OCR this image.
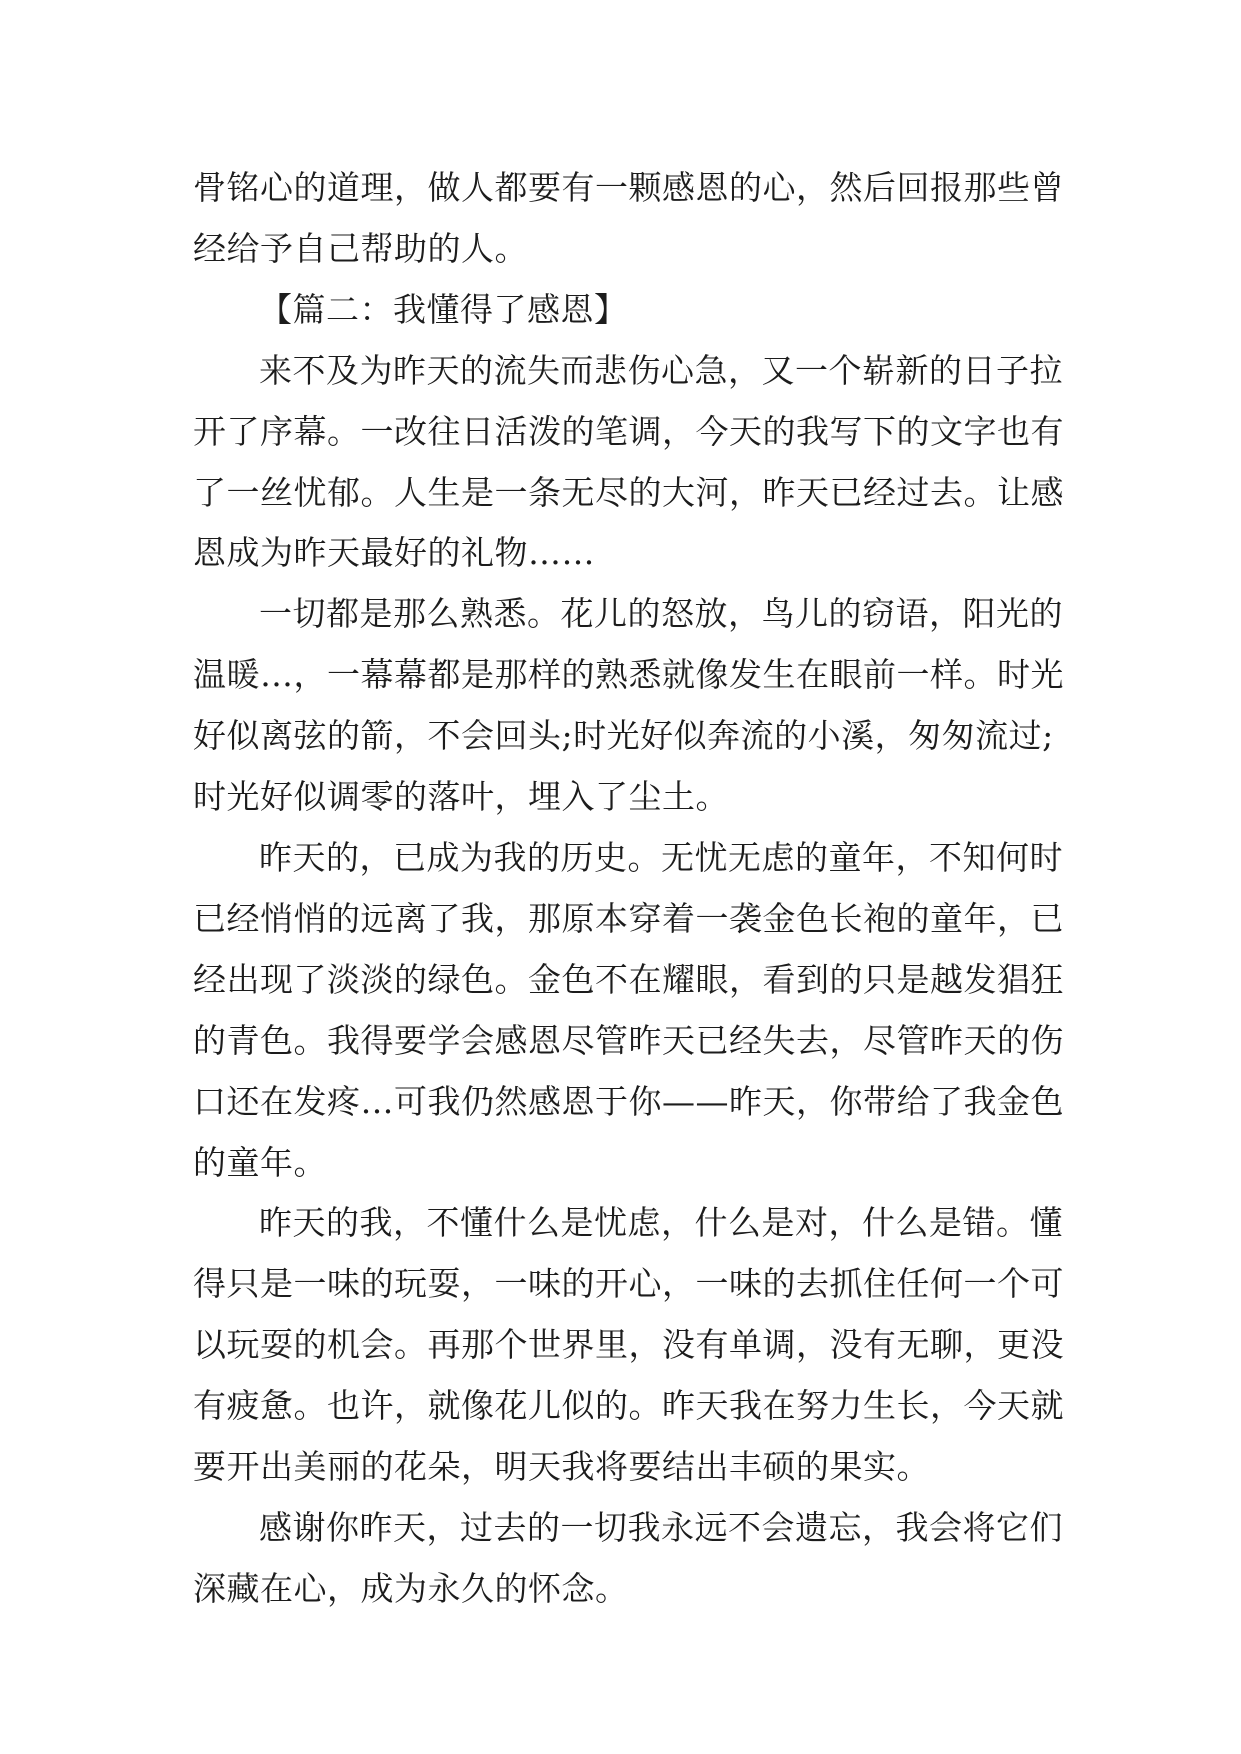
骨铭心的道理，做人都要有一颗感恩的心，然后回报那些曾
经给予自己帮助的人。
【篇二：我懂得了感恩】
来不及为昨天的流失而悲伤心急，又一个崭新的日子拉
开了序幕。一改往日活泼的笔调，今天的我写下的文字也有
了一丝忧郁。人生是一条无尽的大河，昨天已经过去。让感
恩成为昨天最好的礼物……
一切都是那么熟悉。花儿的怒放，鸟儿的窃语，阳光的
温暖…，一幕幕都是那样的熟悉就像发生在眼前一样。时光
好似离弦的箭，不会回头;时光好似奔流的小溪，匆匆流过;
时光好似调零的落叶，埋入了尘土。
昨天的，已成为我的历史。无忧无虑的童年，不知何时
已经悄悄的远离了我，那原本穿着一袭金色长袍的童年，已
经出现了淡淡的绿色。金色不在耀眼，看到的只是越发猖狂
的青色。我得要学会感恩尽管昨天已经失去，尽管昨天的伤
口还在发疼…可我仍然感恩于你——昨天，你带给了我金色
的童年。
昨天的我，不懂什么是忧虑，什么是对，什么是错。懂
得只是一味的玩耍，一味的开心，一味的去抓住任何一个可
以玩耍的机会。再那个世界里，没有单调，没有无聊，更没
有疲惫。也许，就像花儿似的。昨天我在努力生长，今天就
要开出美丽的花朵，明天我将要结出丰硕的果实。
感谢你昨天，过去的一切我永远不会遗忘，我会将它们
深藏在心，成为永久的怀念。
